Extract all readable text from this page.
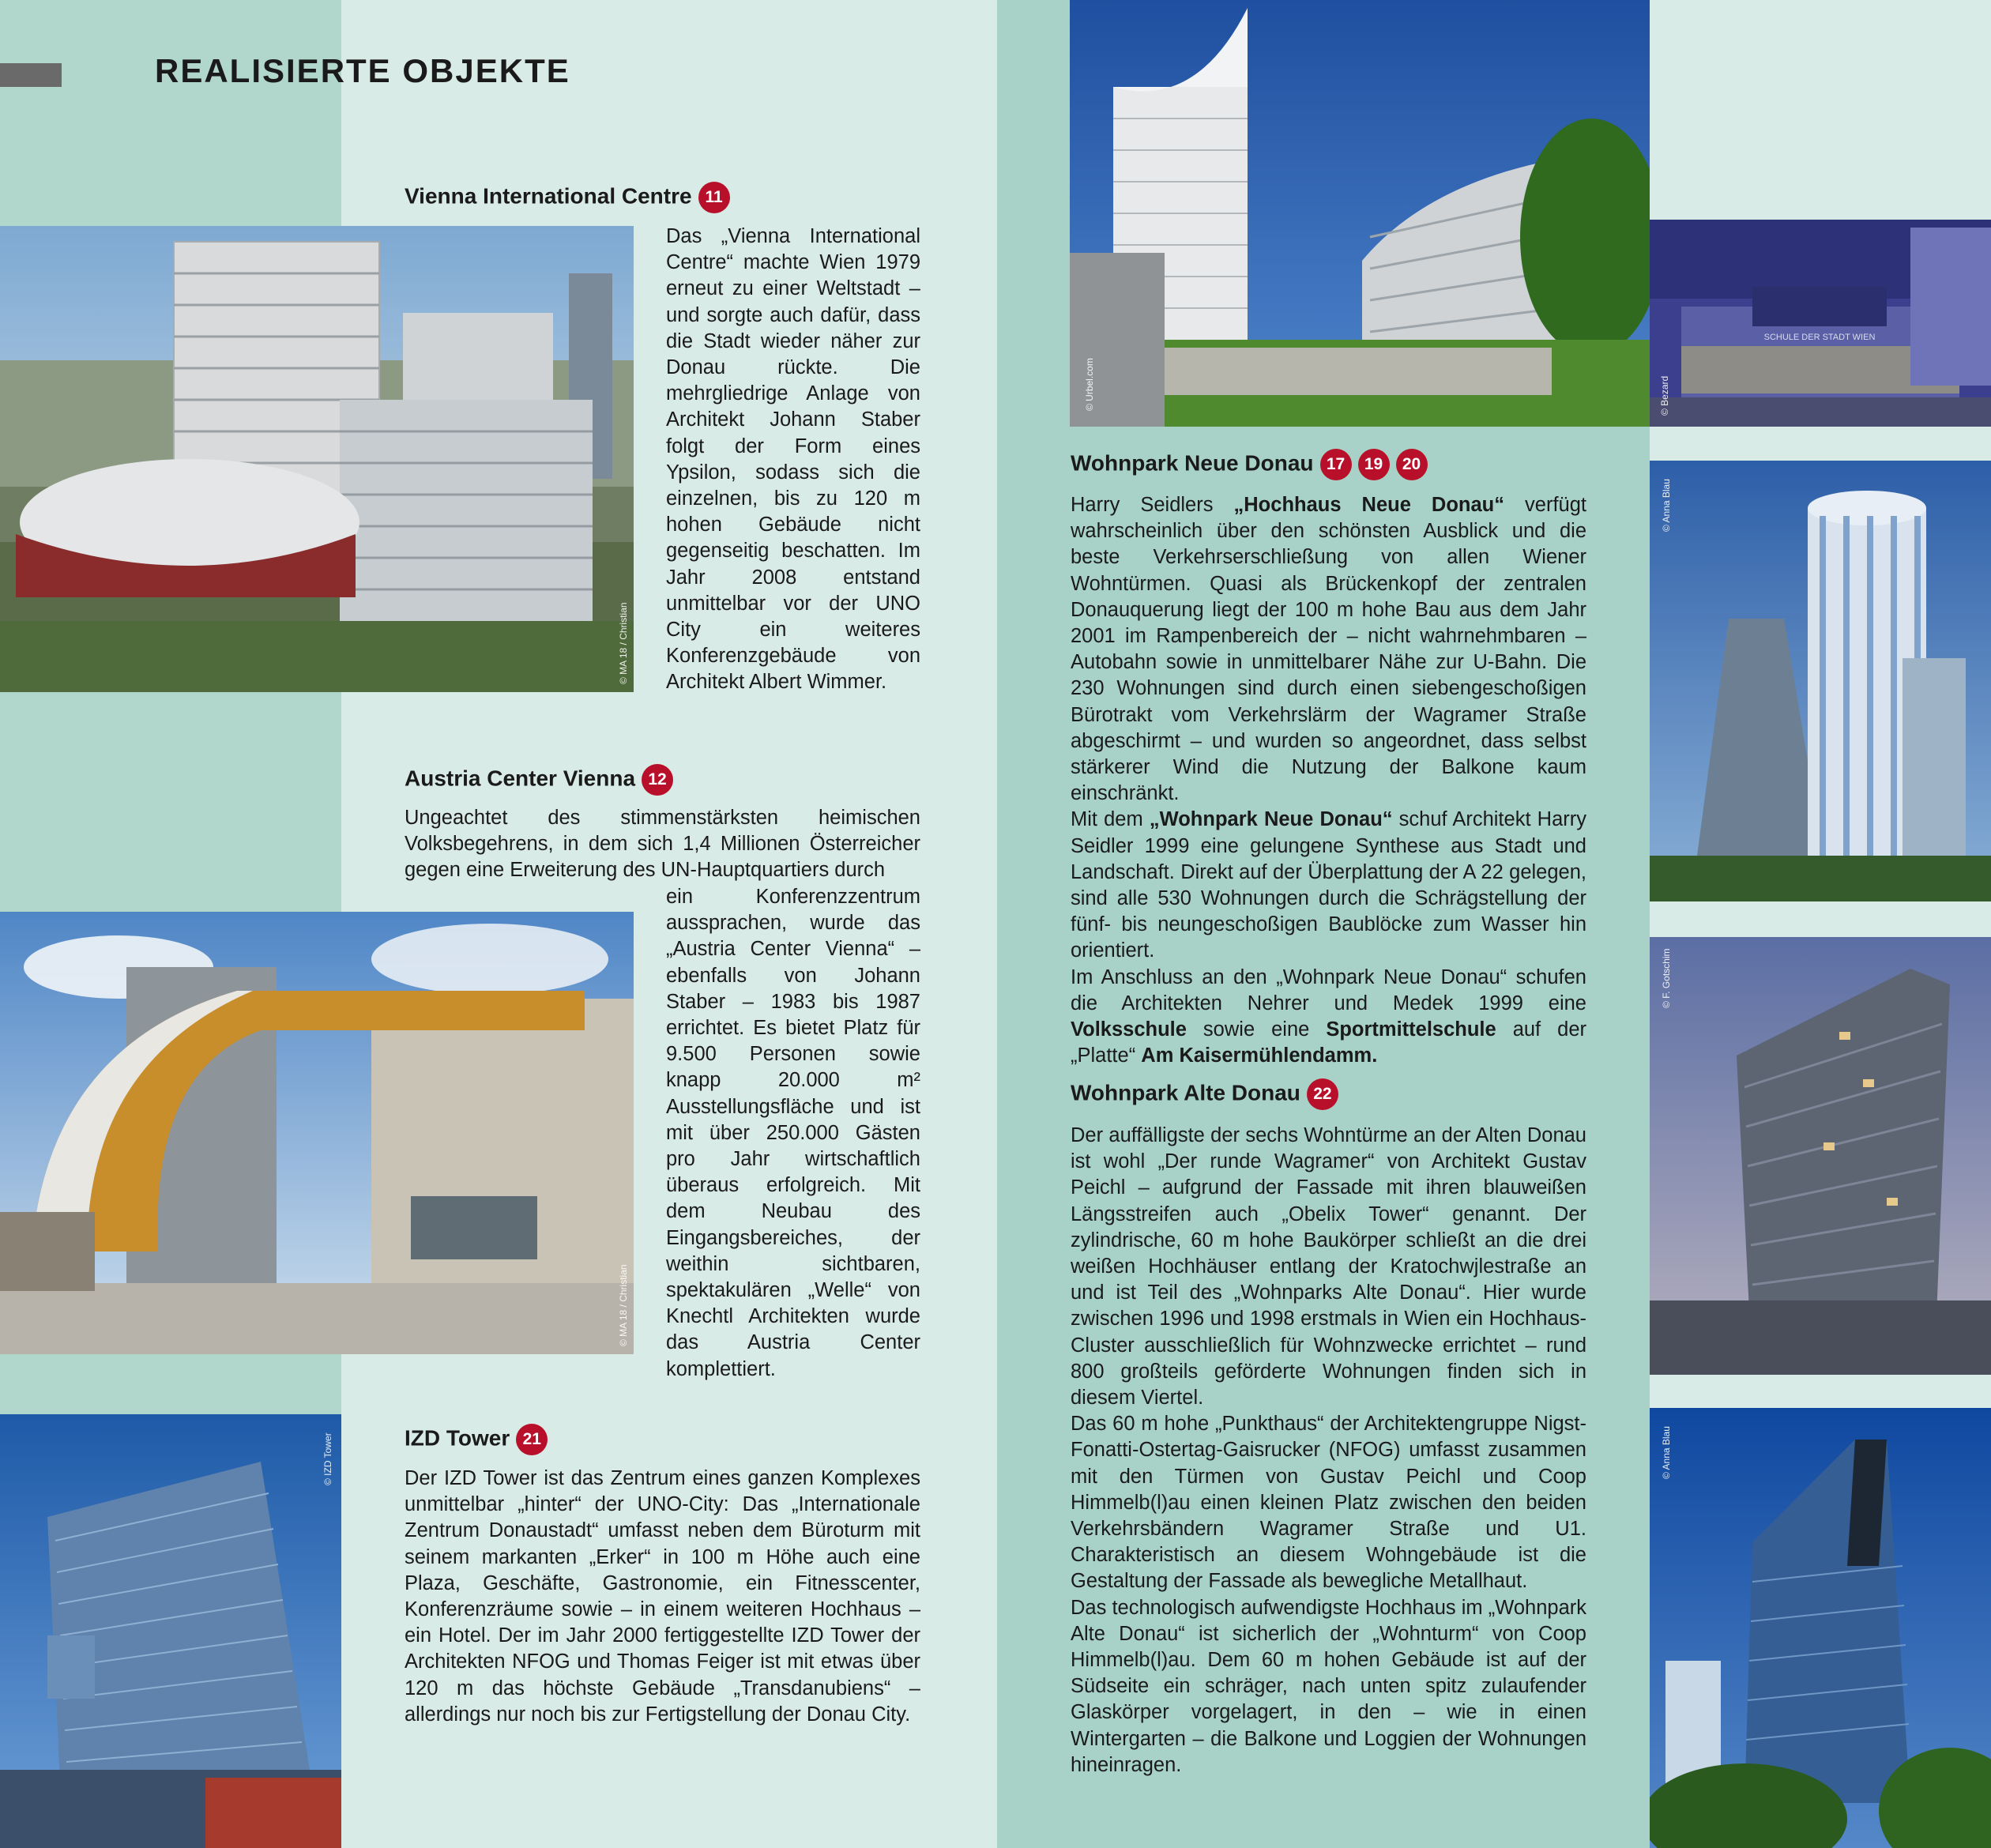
REALISIERTE OBJEKTE
Vienna International Centre 11
© MA 18 / Christian
Das „Vienna International Centre“ machte Wien 1979 erneut zu einer Weltstadt – und sorgte auch dafür, dass die Stadt wieder näher zur Donau rückte. Die mehrgliedrige Anlage von Architekt Johann Staber folgt der Form eines Ypsilon, sodass sich die einzelnen, bis zu 120 m hohen Gebäude nicht gegenseitig beschatten. Im Jahr 2008 entstand unmittelbar vor der UNO City ein weiteres Konferenzgebäude von Architekt Albert Wimmer.
Austria Center Vienna 12
Ungeachtet des stimmenstärksten heimischen Volksbegehrens, in dem sich 1,4 Millionen Österreicher gegen eine Erweiterung des UN-Hauptquartiers durch
© MA 18 / Christian
ein Konferenzzentrum aussprachen, wurde das „Austria Center Vienna“ – ebenfalls von Johann Staber – 1983 bis 1987 errichtet. Es bietet Platz für 9.500 Personen sowie knapp 20.000 m² Ausstellungsfläche und ist mit über 250.000 Gästen pro Jahr wirtschaftlich überaus erfolgreich. Mit dem Neubau des Eingangsbereiches, der weithin sichtbaren, spektakulären „Welle“ von Knechtl Architekten wurde das Austria Center komplettiert.
© IZD Tower	IZD Tower 21
Der IZD Tower ist das Zentrum eines ganzen Komplexes unmittelbar „hinter“ der UNO-City: Das „Internationale Zentrum Donaustadt“ umfasst neben dem Büroturm mit seinem markanten „Erker“ in 100 m Höhe auch eine Plaza, Geschäfte, Gastronomie, ein Fitnesscenter, Konferenzräume sowie – in einem weiteren Hochhaus – ein Hotel. Der im Jahr 2000 fertiggestellte IZD Tower der Architekten NFOG und Thomas Feiger ist mit etwas über 120 m das höchste Gebäude „Transdanubiens“ – allerdings nur noch bis zur Fertigstellung der Donau City.
© Urbel.com
SCHULE DER STADT WIEN
© Bezard
Wohnpark Neue Donau 17 19 20
Harry Seidlers „Hochhaus Neue Donau“ verfügt wahrscheinlich über den schönsten Ausblick und die beste Verkehrserschließung von allen Wiener Wohntürmen. Quasi als Brückenkopf der zentralen Donauquerung liegt der 100 m hohe Bau aus dem Jahr 2001 im Rampenbereich der – nicht wahrnehmbaren – Autobahn sowie in unmittelbarer Nähe zur U-Bahn. Die 230 Wohnungen sind durch einen siebengeschoßigen Bürotrakt vom Verkehrslärm der Wagramer Straße abgeschirmt – und wurden so angeordnet, dass selbst stärkerer Wind die Nutzung der Balkone kaum einschränkt.
Mit dem „Wohnpark Neue Donau“ schuf Architekt Harry Seidler 1999 eine gelungene Synthese aus Stadt und Landschaft. Direkt auf der Überplattung der A 22 gelegen, sind alle 530 Wohnungen durch die Schrägstellung der fünf- bis neungeschoßigen Baublöcke zum Wasser hin orientiert.
Im Anschluss an den „Wohnpark Neue Donau“ schufen die Architekten Nehrer und Medek 1999 eine Volksschule sowie eine Sportmittelschule auf der „Platte“ Am Kaisermühlendamm.
Wohnpark Alte Donau 22
Der auffälligste der sechs Wohntürme an der Alten Donau ist wohl „Der runde Wagramer“ von Architekt Gustav Peichl – aufgrund der Fassade mit ihren blauweißen Längsstreifen auch „Obelix Tower“ genannt. Der zylindrische, 60 m hohe Baukörper schließt an die drei weißen Hochhäuser entlang der Kratochwjlestraße an und ist Teil des „Wohnparks Alte Donau“. Hier wurde zwischen 1996 und 1998 erstmals in Wien ein Hochhaus-Cluster ausschließlich für Wohnzwecke errichtet – rund 800 großteils geförderte Wohnungen finden sich in diesem Viertel.
Das 60 m hohe „Punkthaus“ der Architektengruppe Nigst-Fonatti-Ostertag-Gaisrucker (NFOG) umfasst zusammen mit den Türmen von Gustav Peichl und Coop Himmelb(l)au einen kleinen Platz zwischen den beiden Verkehrsbändern Wagramer Straße und U1. Charakteristisch an diesem Wohngebäude ist die Gestaltung der Fassade als bewegliche Metallhaut.
Das technologisch aufwendigste Hochhaus im „Wohnpark Alte Donau“ ist sicherlich der „Wohnturm“ von Coop Himmelb(l)au. Dem 60 m hohen Gebäude ist auf der Südseite ein schräger, nach unten spitz zulaufender Glaskörper vorgelagert, in den – wie in einen Wintergarten – die Balkone und Loggien der Wohnungen hineinragen.
© Anna Blau
© F. Gotschim
© Anna Blau
